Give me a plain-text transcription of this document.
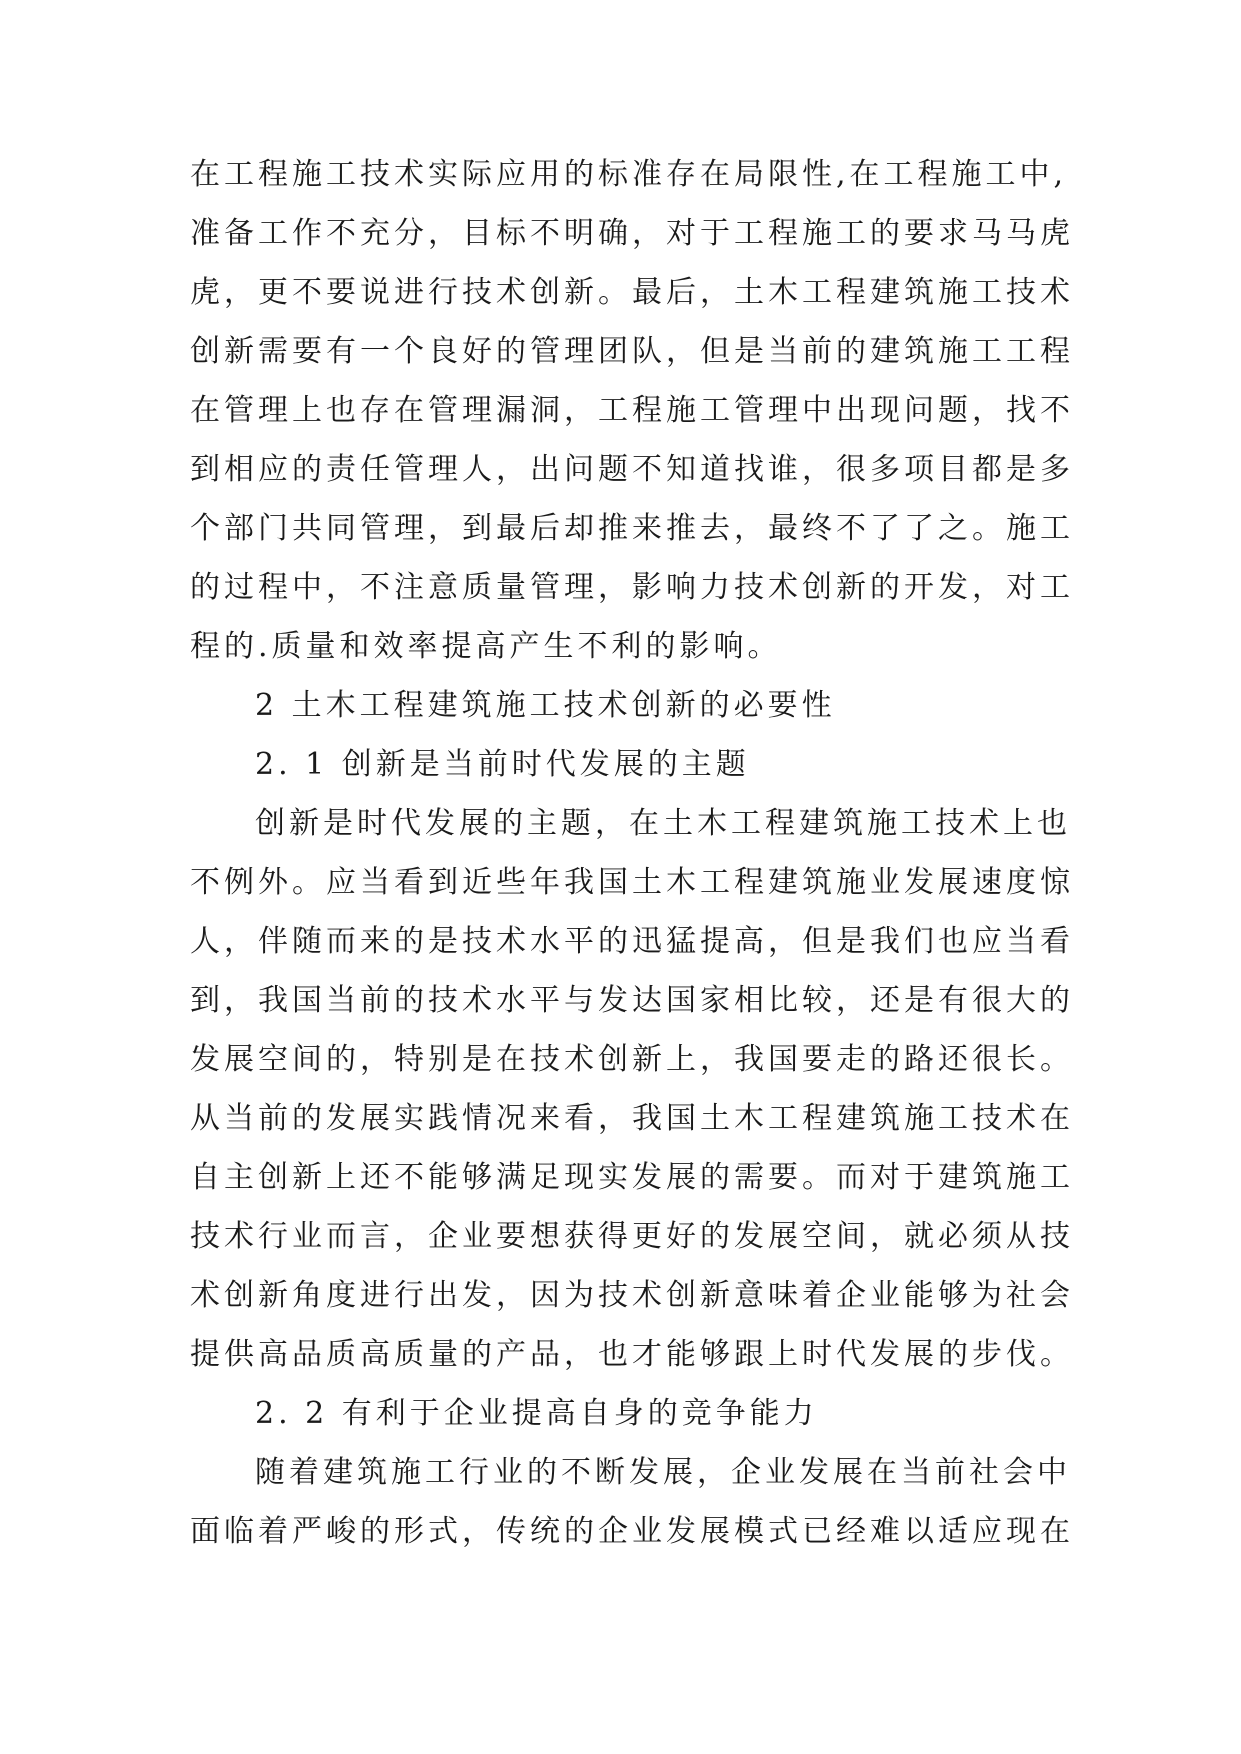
在工程施工技术实际应用的标准存在局限性,在工程施工中,
准备工作不充分，目标不明确，对于工程施工的要求马马虎
虎，更不要说进行技术创新。最后，土木工程建筑施工技术
创新需要有一个良好的管理团队，但是当前的建筑施工工程
在管理上也存在管理漏洞，工程施工管理中出现问题，找不
到相应的责任管理人，出问题不知道找谁，很多项目都是多
个部门共同管理，到最后却推来推去，最终不了了之。施工
的过程中，不注意质量管理，影响力技术创新的开发，对工
程的.质量和效率提高产生不利的影响。
2 土木工程建筑施工技术创新的必要性
2. 1 创新是当前时代发展的主题
创新是时代发展的主题，在土木工程建筑施工技术上也
不例外。应当看到近些年我国土木工程建筑施业发展速度惊
人，伴随而来的是技术水平的迅猛提高，但是我们也应当看
到，我国当前的技术水平与发达国家相比较，还是有很大的
发展空间的，特别是在技术创新上，我国要走的路还很长。
从当前的发展实践情况来看，我国土木工程建筑施工技术在
自主创新上还不能够满足现实发展的需要。而对于建筑施工
技术行业而言，企业要想获得更好的发展空间，就必须从技
术创新角度进行出发，因为技术创新意味着企业能够为社会
提供高品质高质量的产品，也才能够跟上时代发展的步伐。
2. 2 有利于企业提高自身的竞争能力
随着建筑施工行业的不断发展，企业发展在当前社会中
面临着严峻的形式，传统的企业发展模式已经难以适应现在
